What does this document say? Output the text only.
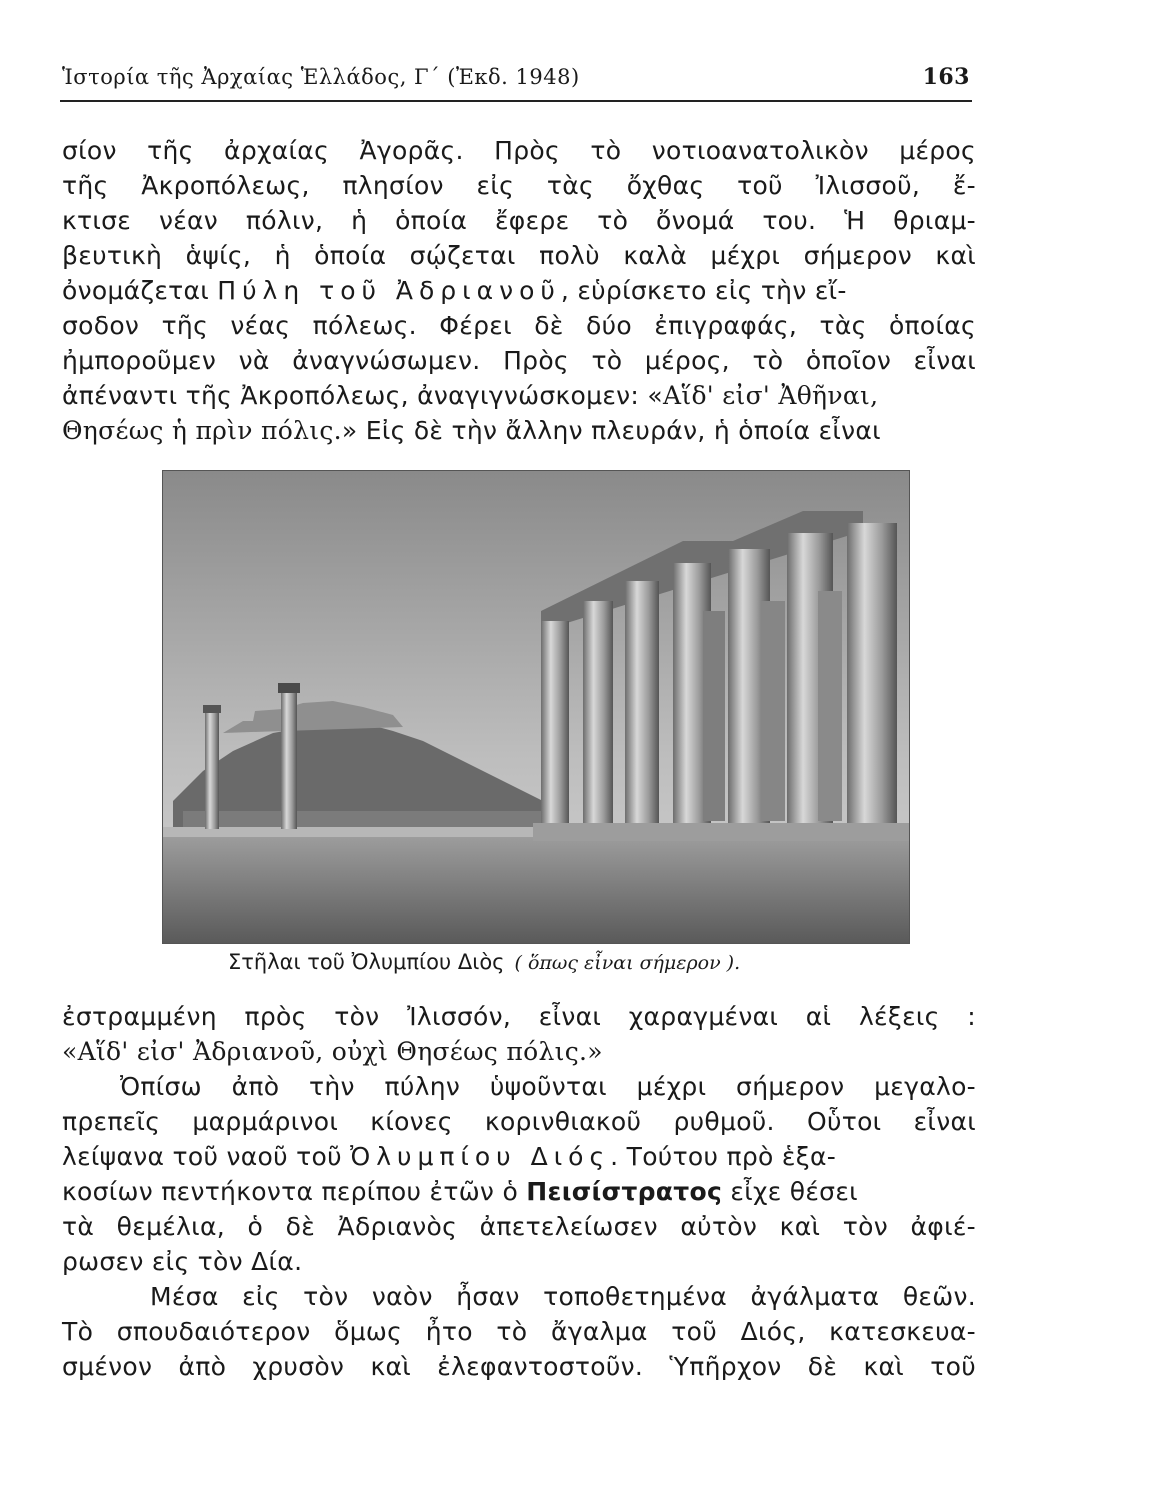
Ἱστορία τῆς Ἀρχαίας Ἑλλάδος, Γ΄ (Ἐκδ. 1948)	163
σίον τῆς ἀρχαίας Ἀγορᾶς. Πρὸς τὸ νοτιοανατολικὸν μέρος
τῆς Ἀκροπόλεως, πλησίον εἰς τὰς ὄχθας τοῦ Ἰλισσοῦ, ἔ-
κτισε νέαν πόλιν, ἡ ὁποία ἔφερε τὸ ὄνομά του. Ἡ θριαμ-
βευτικὴ ἁψίς, ἡ ὁποία σῴζεται πολὺ καλὰ μέχρι σήμερον καὶ
ὀνομάζεται Πύλη τοῦ Ἀδριανοῦ, εὑρίσκετο εἰς τὴν εἴ-
σοδον τῆς νέας πόλεως. Φέρει δὲ δύο ἐπιγραφάς, τὰς ὁποίας
ἠμποροῦμεν νὰ ἀναγνώσωμεν. Πρὸς τὸ μέρος, τὸ ὁποῖον εἶναι
ἀπέναντι τῆς Ἀκροπόλεως, ἀναγιγνώσκομεν: «Αἵδ' εἰσ' Ἀθῆναι,
Θησέως ἡ πρὶν πόλις.» Εἰς δὲ τὴν ἄλλην πλευράν, ἡ ὁποία εἶναι
Στῆλαι τοῦ Ὀλυμπίου Διὸς ( ὅπως εἶναι σήμερον ).
ἐστραμμένη πρὸς τὸν Ἰλισσόν, εἶναι χαραγμέναι αἱ λέξεις :
«Αἵδ' εἰσ' Ἀδριανοῦ, οὐχὶ Θησέως πόλις.»
Ὀπίσω ἀπὸ τὴν πύλην ὑψοῦνται μέχρι σήμερον μεγαλο-
πρεπεῖς μαρμάρινοι κίονες κορινθιακοῦ ρυθμοῦ. Οὗτοι εἶναι
λείψανα τοῦ ναοῦ τοῦ Ὀλυμπίου Διός. Τούτου πρὸ ἑξα-
κοσίων πεντήκοντα περίπου ἐτῶν ὁ Πεισίστρατος εἶχε θέσει
τὰ θεμέλια, ὁ δὲ Ἀδριανὸς ἀπετελείωσεν αὐτὸν καὶ τὸν ἀφιέ-
ρωσεν εἰς τὸν Δία.
Μέσα εἰς τὸν ναὸν ἦσαν τοποθετημένα ἀγάλματα θεῶν.
Τὸ σπουδαιότερον ὅμως ἦτο τὸ ἄγαλμα τοῦ Διός, κατεσκευα-
σμένον ἀπὸ χρυσὸν καὶ ἐλεφαντοστοῦν. Ὑπῆρχον δὲ καὶ τοῦ
